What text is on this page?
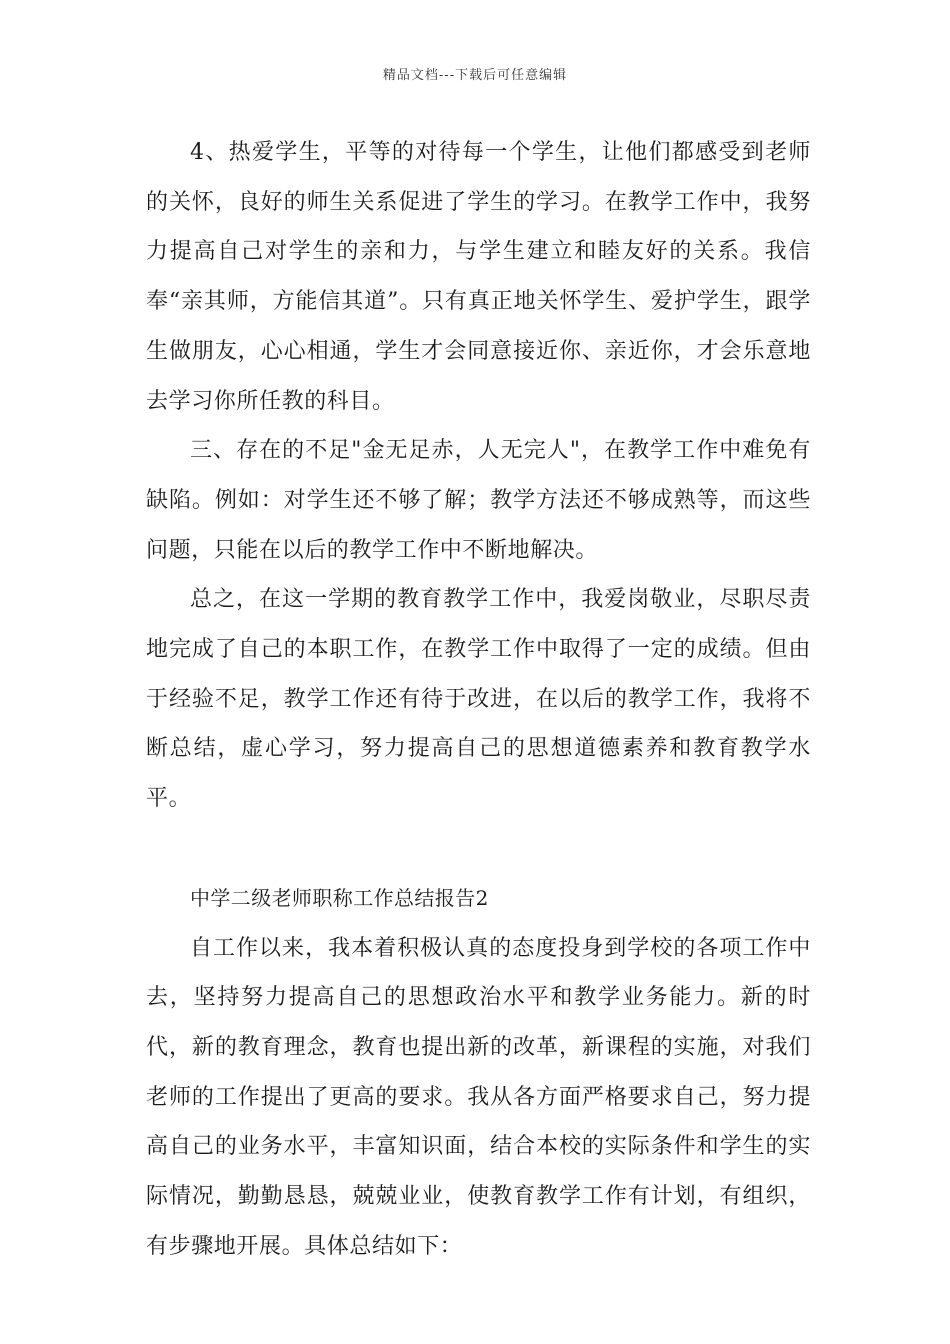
精品文档---下载后可任意编辑

4、热爱学生，平等的对待每一个学生，让他们都感受到老师的关怀，良好的师生关系促进了学生的学习。在教学工作中，我努力提高自己对学生的亲和力，与学生建立和睦友好的关系。我信奉“亲其师，方能信其道”。只有真正地关怀学生、爱护学生，跟学生做朋友，心心相通，学生才会同意接近你、亲近你，才会乐意地去学习你所任教的科目。

三、存在的不足"金无足赤，人无完人"，在教学工作中难免有缺陷。例如：对学生还不够了解；教学方法还不够成熟等，而这些问题，只能在以后的教学工作中不断地解决。

总之，在这一学期的教育教学工作中，我爱岗敬业，尽职尽责地完成了自己的本职工作，在教学工作中取得了一定的成绩。但由于经验不足，教学工作还有待于改进，在以后的教学工作，我将不断总结，虚心学习，努力提高自己的思想道德素养和教育教学水平。

中学二级老师职称工作总结报告2

自工作以来，我本着积极认真的态度投身到学校的各项工作中去，坚持努力提高自己的思想政治水平和教学业务能力。新的时代，新的教育理念，教育也提出新的改革，新课程的实施，对我们老师的工作提出了更高的要求。我从各方面严格要求自己，努力提高自己的业务水平，丰富知识面，结合本校的实际条件和学生的实际情况，勤勤恳恳，兢兢业业，使教育教学工作有计划，有组织，有步骤地开展。具体总结如下：
